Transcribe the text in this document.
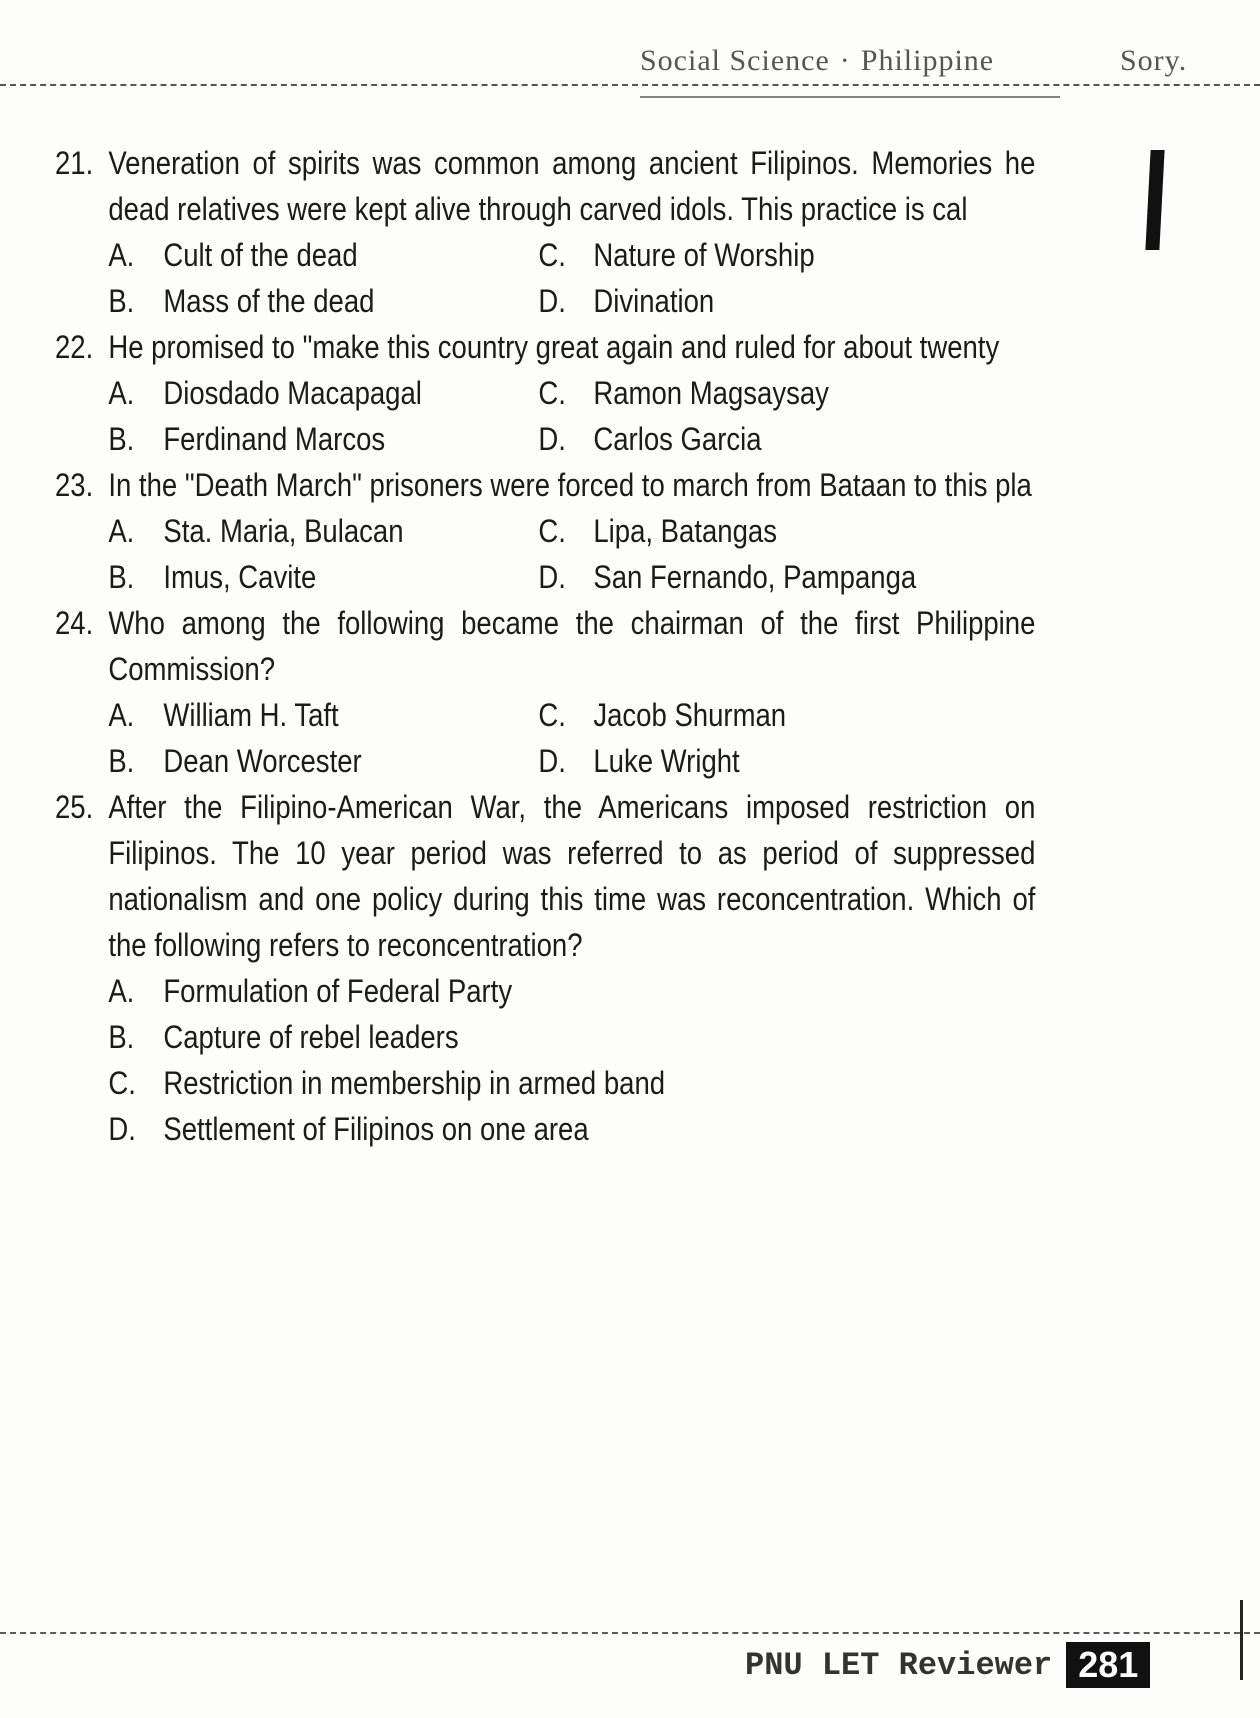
Social Science · Philippine	Sory.
21. Veneration of spirits was common among ancient Filipinos. Memories he dead relatives were kept alive through carved idols. This practice is cal
A. Cult of the dead	C. Nature of Worship
B. Mass of the dead	D. Divination
22. He promised to "make this country great again and ruled for about twenty
A. Diosdado Macapagal	C. Ramon Magsaysay
B. Ferdinand Marcos	D. Carlos Garcia
23. In the "Death March" prisoners were forced to march from Bataan to this pla
A. Sta. Maria, Bulacan	C. Lipa, Batangas
B. Imus, Cavite	D. San Fernando, Pampanga
24. Who among the following became the chairman of the first Philippine Commission?
A. William H. Taft	C. Jacob Shurman
B. Dean Worcester	D. Luke Wright
25. After the Filipino-American War, the Americans imposed restriction on Filipinos. The 10 year period was referred to as period of suppressed nationalism and one policy during this time was reconcentration. Which of the following refers to reconcentration?
A. Formulation of Federal Party
B. Capture of rebel leaders
C. Restriction in membership in armed band
D. Settlement of Filipinos on one area
PNU LET Reviewer 281
